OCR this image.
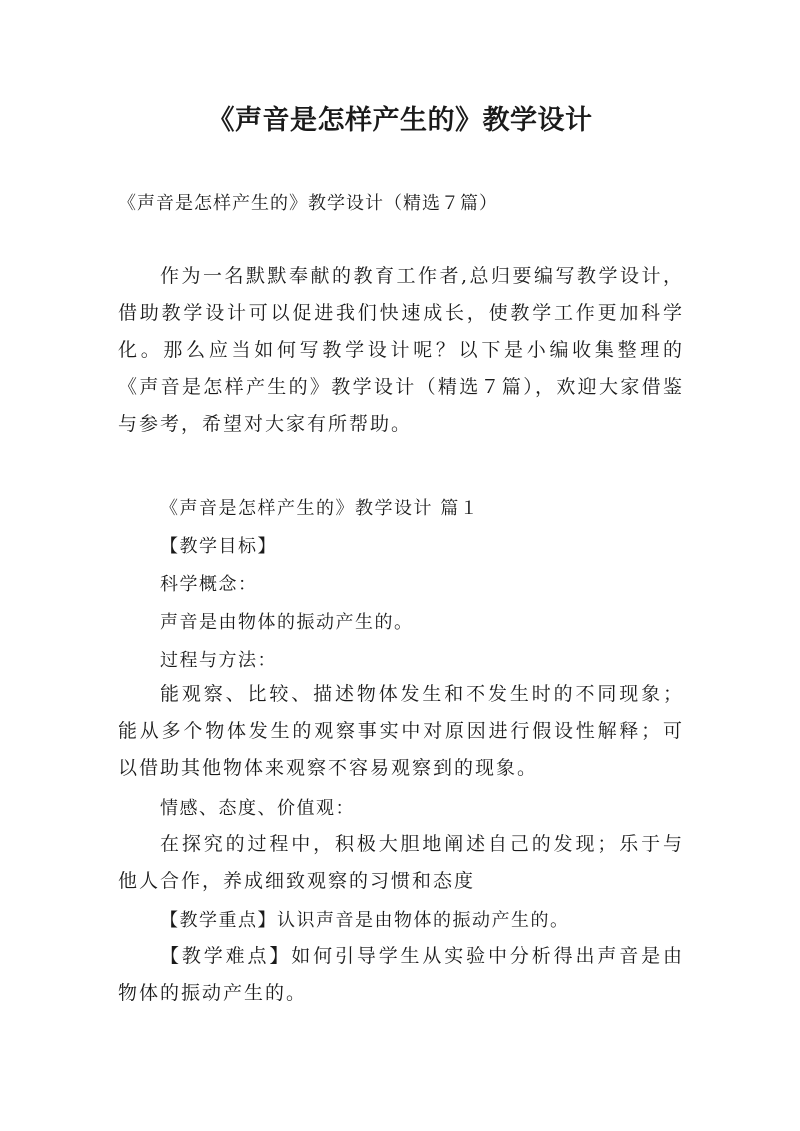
《声音是怎样产生的》教学设计
《声音是怎样产生的》教学设计（精选７篇）

作为一名默默奉献的教育工作者,总归要编写教学设计，借助教学设计可以促进我们快速成长，使教学工作更加科学化。那么应当如何写教学设计呢？以下是小编收集整理的《声音是怎样产生的》教学设计（精选７篇），欢迎大家借鉴与参考，希望对大家有所帮助。

《声音是怎样产生的》教学设计 篇１
【教学目标】
科学概念：
声音是由物体的振动产生的。
过程与方法：

能观察、比较、描述物体发生和不发生时的不同现象；能从多个物体发生的观察事实中对原因进行假设性解释；可以借助其他物体来观察不容易观察到的现象。

情感、态度、价值观：

在探究的过程中，积极大胆地阐述自己的发现；乐于与他人合作，养成细致观察的习惯和态度

【教学重点】认识声音是由物体的振动产生的。

【教学难点】如何引导学生从实验中分析得出声音是由物体的振动产生的。
